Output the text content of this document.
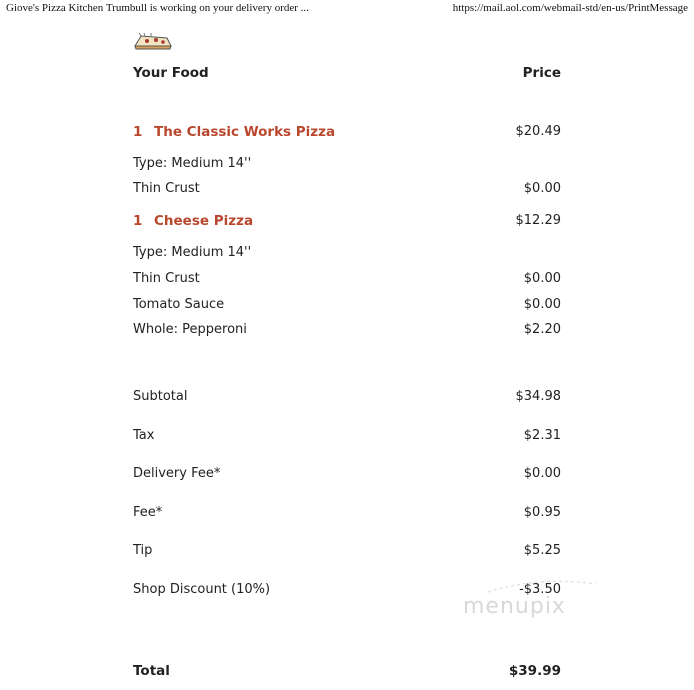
Giove's Pizza Kitchen Trumbull is working on your delivery order ...	https://mail.aol.com/webmail-std/en-us/PrintMessage
Your Food	Price
1 The Classic Works Pizza	$20.49
Type: Medium 14''
Thin Crust	$0.00
1 Cheese Pizza	$12.29
Type: Medium 14''
Thin Crust	$0.00
Tomato Sauce	$0.00
Whole: Pepperoni	$2.20
Subtotal	$34.98
Tax	$2.31
Delivery Fee*	$0.00
Fee*	$0.95
Tip	$5.25
Shop Discount (10%)	-$3.50
menupix
Total	$39.99
